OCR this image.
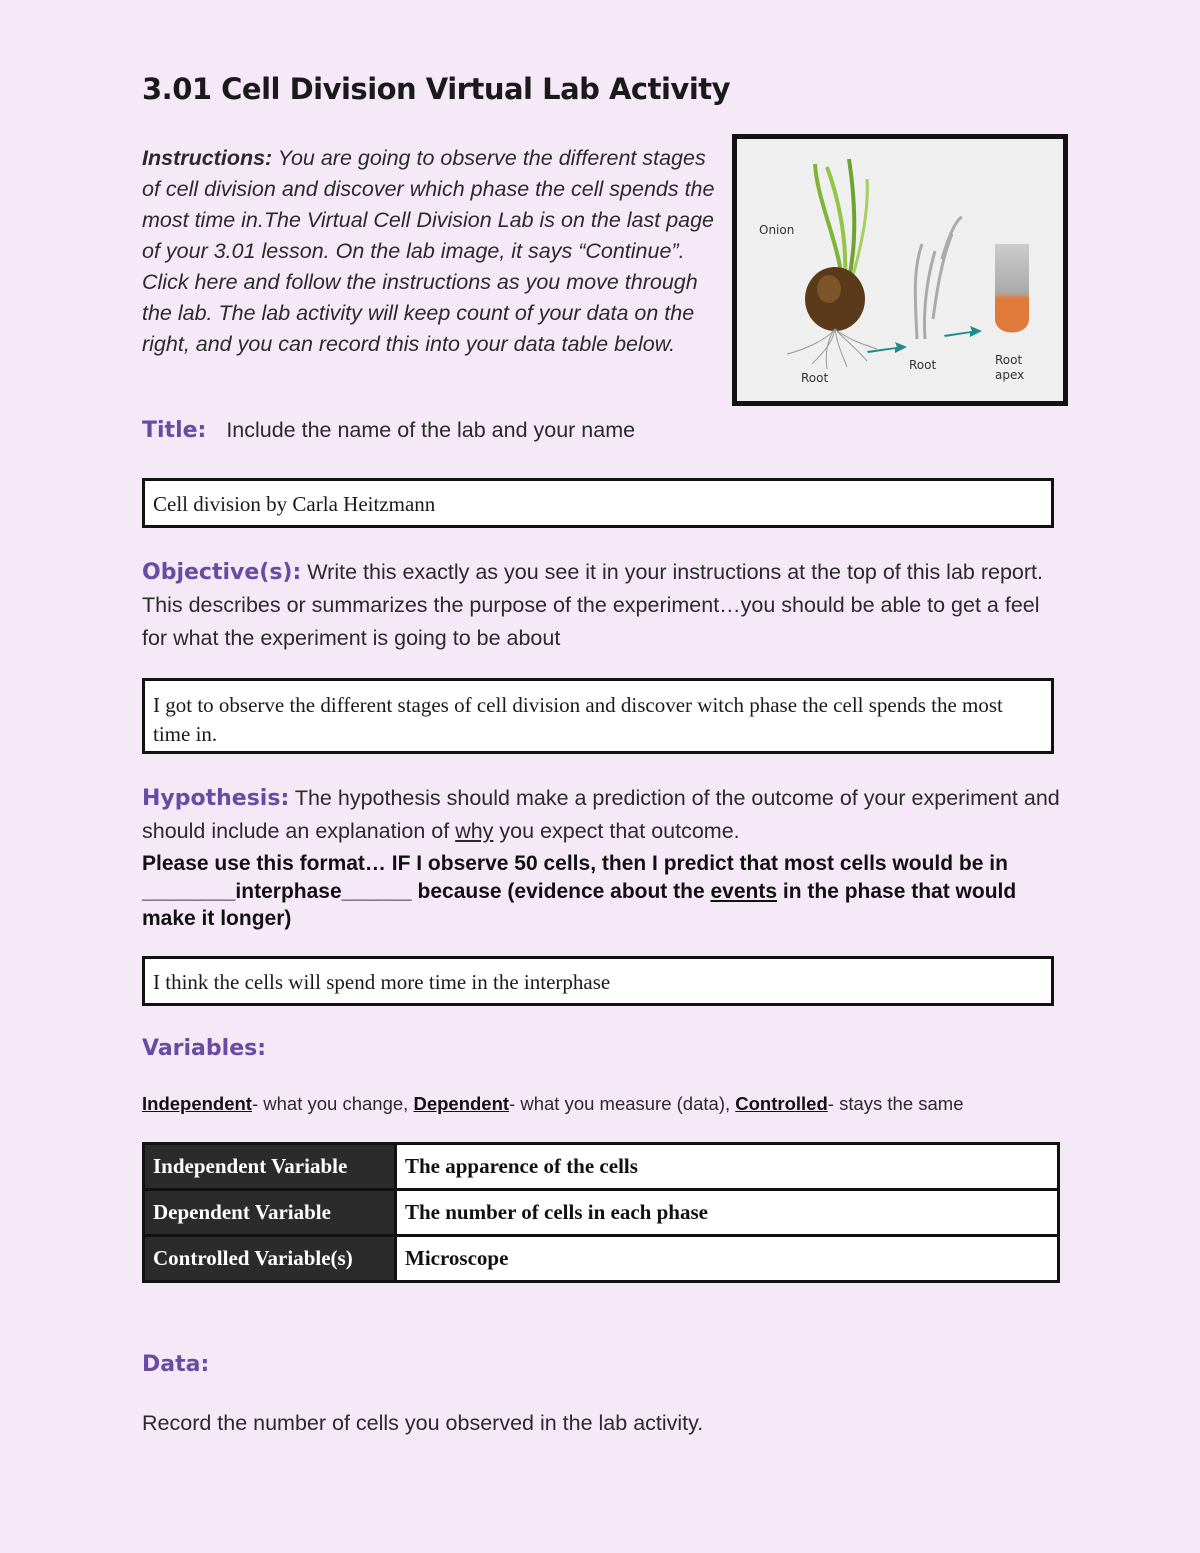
3.01 Cell Division Virtual Lab Activity
Instructions: You are going to observe the different stages of cell division and discover which phase the cell spends the most time in.The Virtual Cell Division Lab is on the last page of your 3.01 lesson. On the lab image, it says “Continue”. Click here and follow the instructions as you move through the lab. The lab activity will keep count of your data on the right, and you can record this into your data table below.
Onion
Root
Root	Root
apex
Title: Include the name of the lab and your name
Cell division by Carla Heitzmann
Objective(s): Write this exactly as you see it in your instructions at the top of this lab report. This describes or summarizes the purpose of the experiment…you should be able to get a feel for what the experiment is going to be about
I got to observe the different stages of cell division and discover witch phase the cell spends the most time in.
Hypothesis: The hypothesis should make a prediction of the outcome of your experiment and should include an explanation of why you expect that outcome.
Please use this format… IF I observe 50 cells, then I predict that most cells would be in ________interphase______ because (evidence about the events in the phase that would make it longer)
I think the cells will spend more time in the interphase
Variables:
Independent- what you change, Dependent- what you measure (data), Controlled- stays the same
Independent Variable	The apparence of the cells
Dependent Variable	The number of cells in each phase
Controlled Variable(s)	Microscope
Data:
Record the number of cells you observed in the lab activity.
